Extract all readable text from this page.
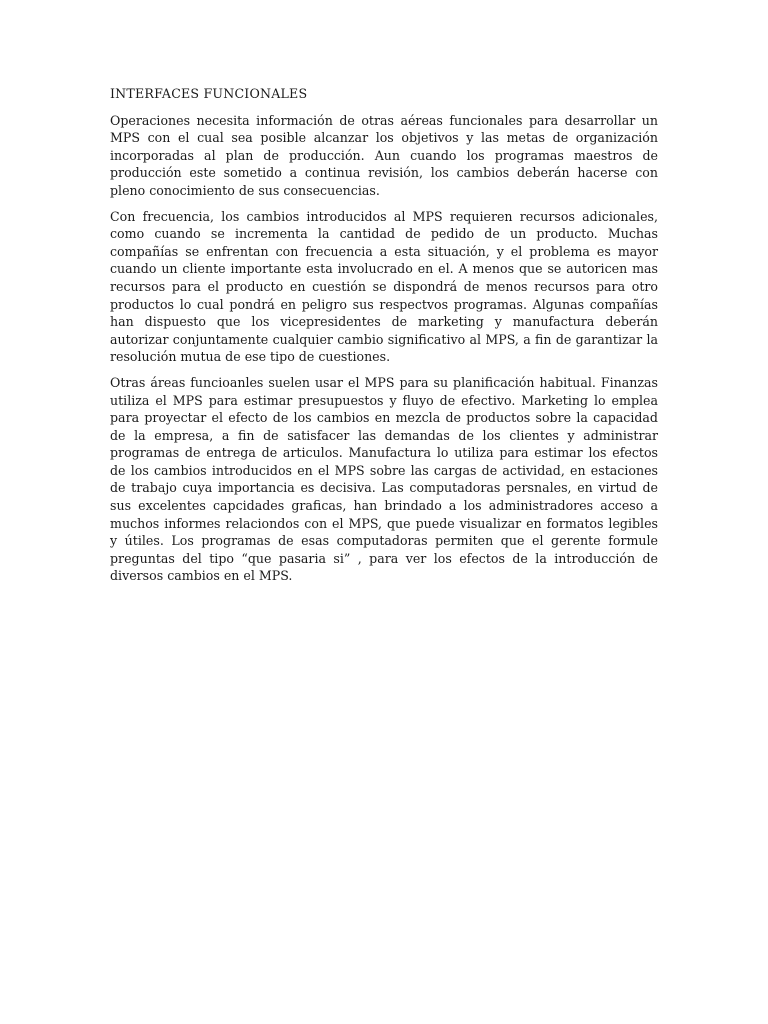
INTERFACES FUNCIONALES

Operaciones necesita información de otras aéreas funcionales para desarrollar un MPS con el cual sea posible alcanzar los objetivos y las metas de organización incorporadas al plan de producción. Aun cuando los programas maestros de producción este sometido a continua revisión, los cambios deberán hacerse con pleno conocimiento de sus consecuencias.

Con frecuencia, los cambios introducidos al MPS requieren recursos adicionales, como cuando se incrementa la cantidad de pedido de un producto. Muchas compañías se enfrentan con frecuencia a esta situación, y el problema es mayor cuando un cliente importante esta involucrado en el. A menos que se autoricen mas recursos para el producto en cuestión se dispondrá de menos recursos para otro productos lo cual pondrá en peligro sus respectvos programas. Algunas compañías han dispuesto que los vicepresidentes de marketing y manufactura deberán autorizar conjuntamente cualquier cambio significativo al MPS, a fin de garantizar la resolución mutua de ese tipo de cuestiones.

Otras áreas funcioanles suelen usar el MPS para su planificación habitual. Finanzas utiliza el MPS para estimar presupuestos y fluyo de efectivo. Marketing lo emplea para proyectar el efecto de los cambios en mezcla de productos sobre la capacidad de la empresa, a fin de satisfacer las demandas de los clientes y administrar programas de entrega de articulos. Manufactura lo utiliza para estimar los efectos de los cambios introducidos en el MPS sobre las cargas de actividad, en estaciones de trabajo cuya importancia es decisiva. Las computadoras persnales, en virtud de sus excelentes capcidades graficas, han brindado a los administradores acceso a muchos informes relaciondos con el MPS, que puede visualizar en formatos legibles y útiles. Los programas de esas computadoras permiten que el gerente formule preguntas del tipo “que pasaria si” , para ver los efectos de la introducción de diversos cambios en el MPS.
